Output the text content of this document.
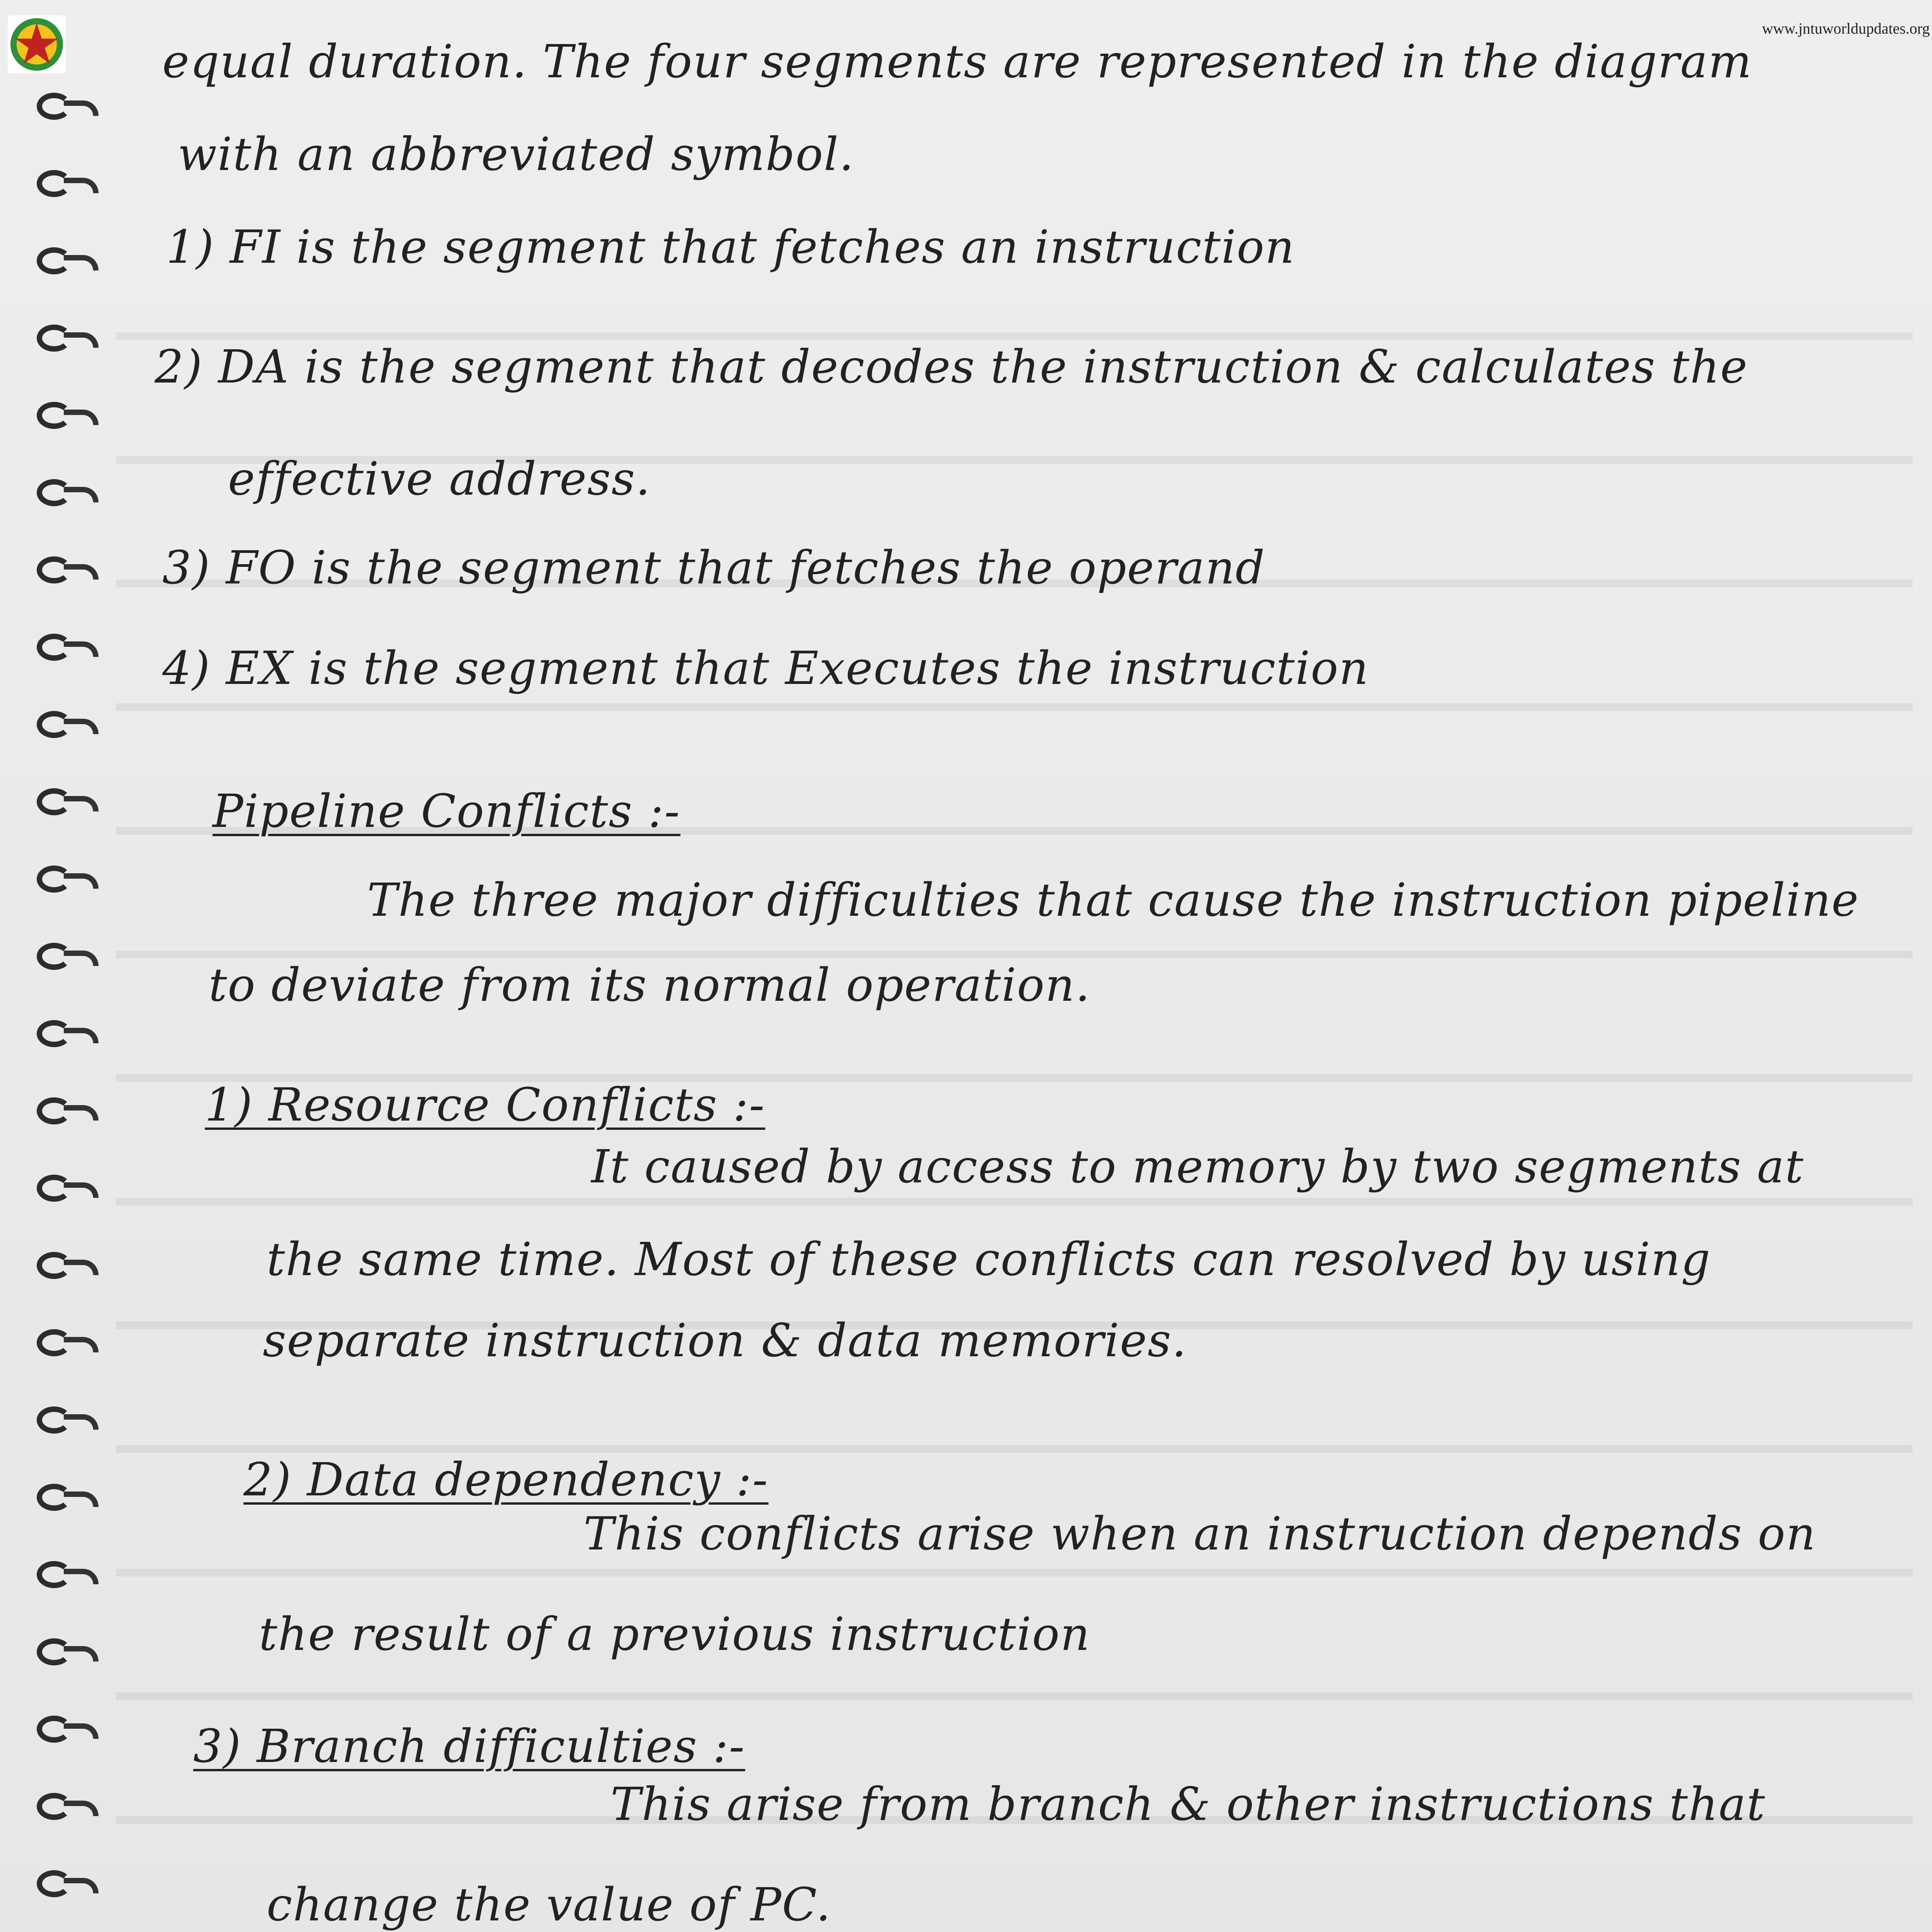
www.jntuworldupdates.org
equal duration. The four segments are represented in the diagram
with an abbreviated symbol.
1) FI is the segment that fetches an instruction
2) DA is the segment that decodes the instruction & calculates the
effective address.
3) FO is the segment that fetches the operand
4) EX is the segment that Executes the instruction
Pipeline Conflicts :-
The three major difficulties that cause the instruction pipeline
to deviate from its normal operation.
1) Resource Conflicts :-
It caused by access to memory by two segments at
the same time. Most of these conflicts can resolved by using
separate instruction & data memories.
2) Data dependency :-
This conflicts arise when an instruction depends on
the result of a previous instruction
3) Branch difficulties :-
This arise from branch & other instructions that
change the value of PC.
